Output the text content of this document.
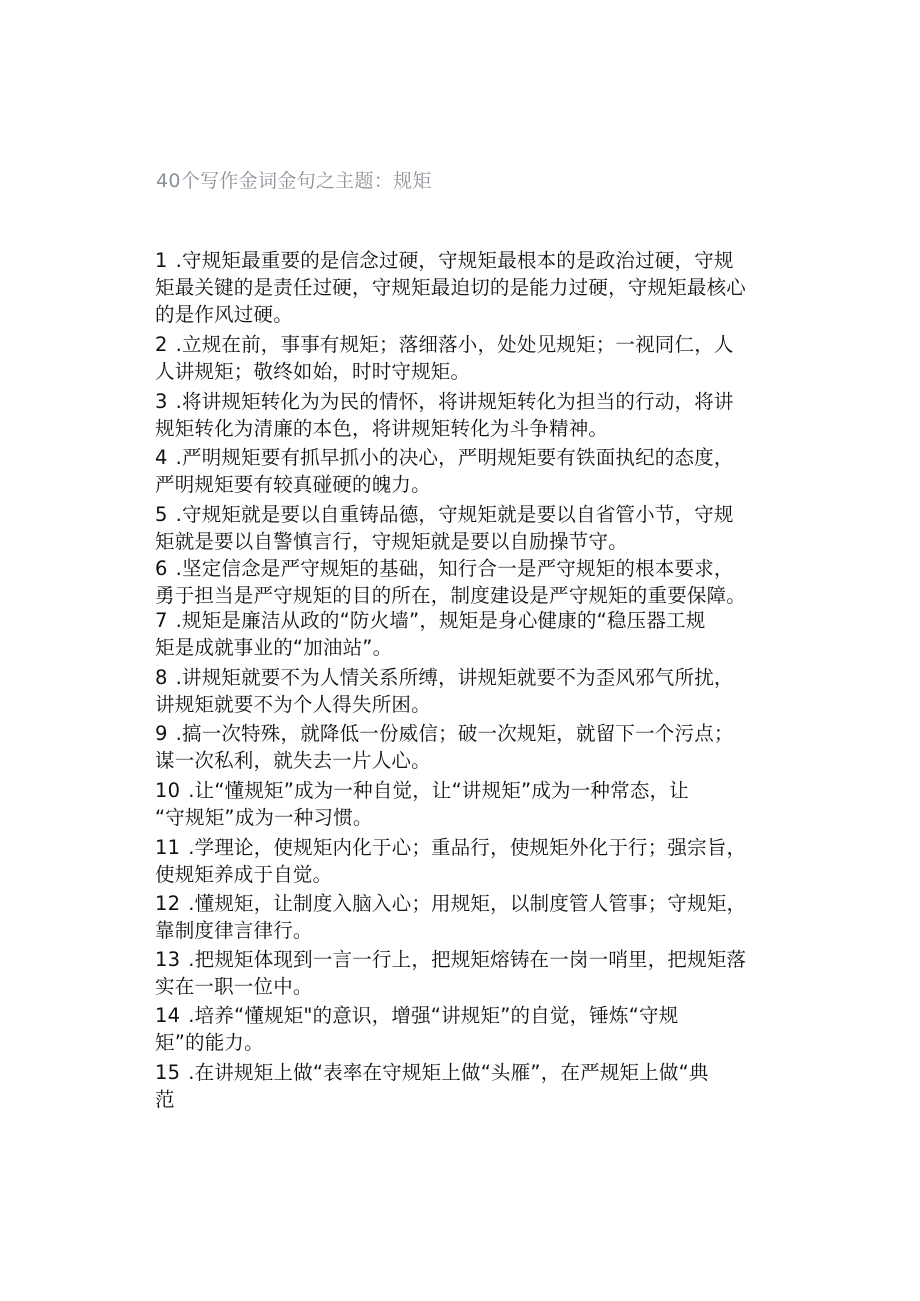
40个写作金词金句之主题：规矩
1 .守规矩最重要的是信念过硬，守规矩最根本的是政治过硬，守规
矩最关键的是责任过硬，守规矩最迫切的是能力过硬，守规矩最核心
的是作风过硬。
2 .立规在前，事事有规矩；落细落小，处处见规矩；一视同仁，人
人讲规矩；敬终如始，时时守规矩。
3 .将讲规矩转化为为民的情怀，将讲规矩转化为担当的行动，将讲
规矩转化为清廉的本色，将讲规矩转化为斗争精神。
4 .严明规矩要有抓早抓小的决心，严明规矩要有铁面执纪的态度，
严明规矩要有较真碰硬的魄力。
5 .守规矩就是要以自重铸品德，守规矩就是要以自省管小节，守规
矩就是要以自警慎言行，守规矩就是要以自励操节守。
6 .坚定信念是严守规矩的基础，知行合一是严守规矩的根本要求，
勇于担当是严守规矩的目的所在，制度建设是严守规矩的重要保障。
7 .规矩是廉洁从政的“防火墙”，规矩是身心健康的“稳压器工规
矩是成就事业的“加油站”。
8 .讲规矩就要不为人情关系所缚，讲规矩就要不为歪风邪气所扰，
讲规矩就要不为个人得失所困。
9 .搞一次特殊，就降低一份威信；破一次规矩，就留下一个污点；
谋一次私利，就失去一片人心。
10 .让“懂规矩”成为一种自觉，让“讲规矩”成为一种常态，让
“守规矩”成为一种习惯。
11 .学理论，使规矩内化于心；重品行，使规矩外化于行；强宗旨，
使规矩养成于自觉。
12 .懂规矩，让制度入脑入心；用规矩，以制度管人管事；守规矩，
靠制度律言律行。
13 .把规矩体现到一言一行上，把规矩熔铸在一岗一哨里，把规矩落
实在一职一位中。
14 .培养“懂规矩"的意识，增强“讲规矩”的自觉，锤炼“守规
矩”的能力。
15 .在讲规矩上做“表率在守规矩上做“头雁”，在严规矩上做“典
范
